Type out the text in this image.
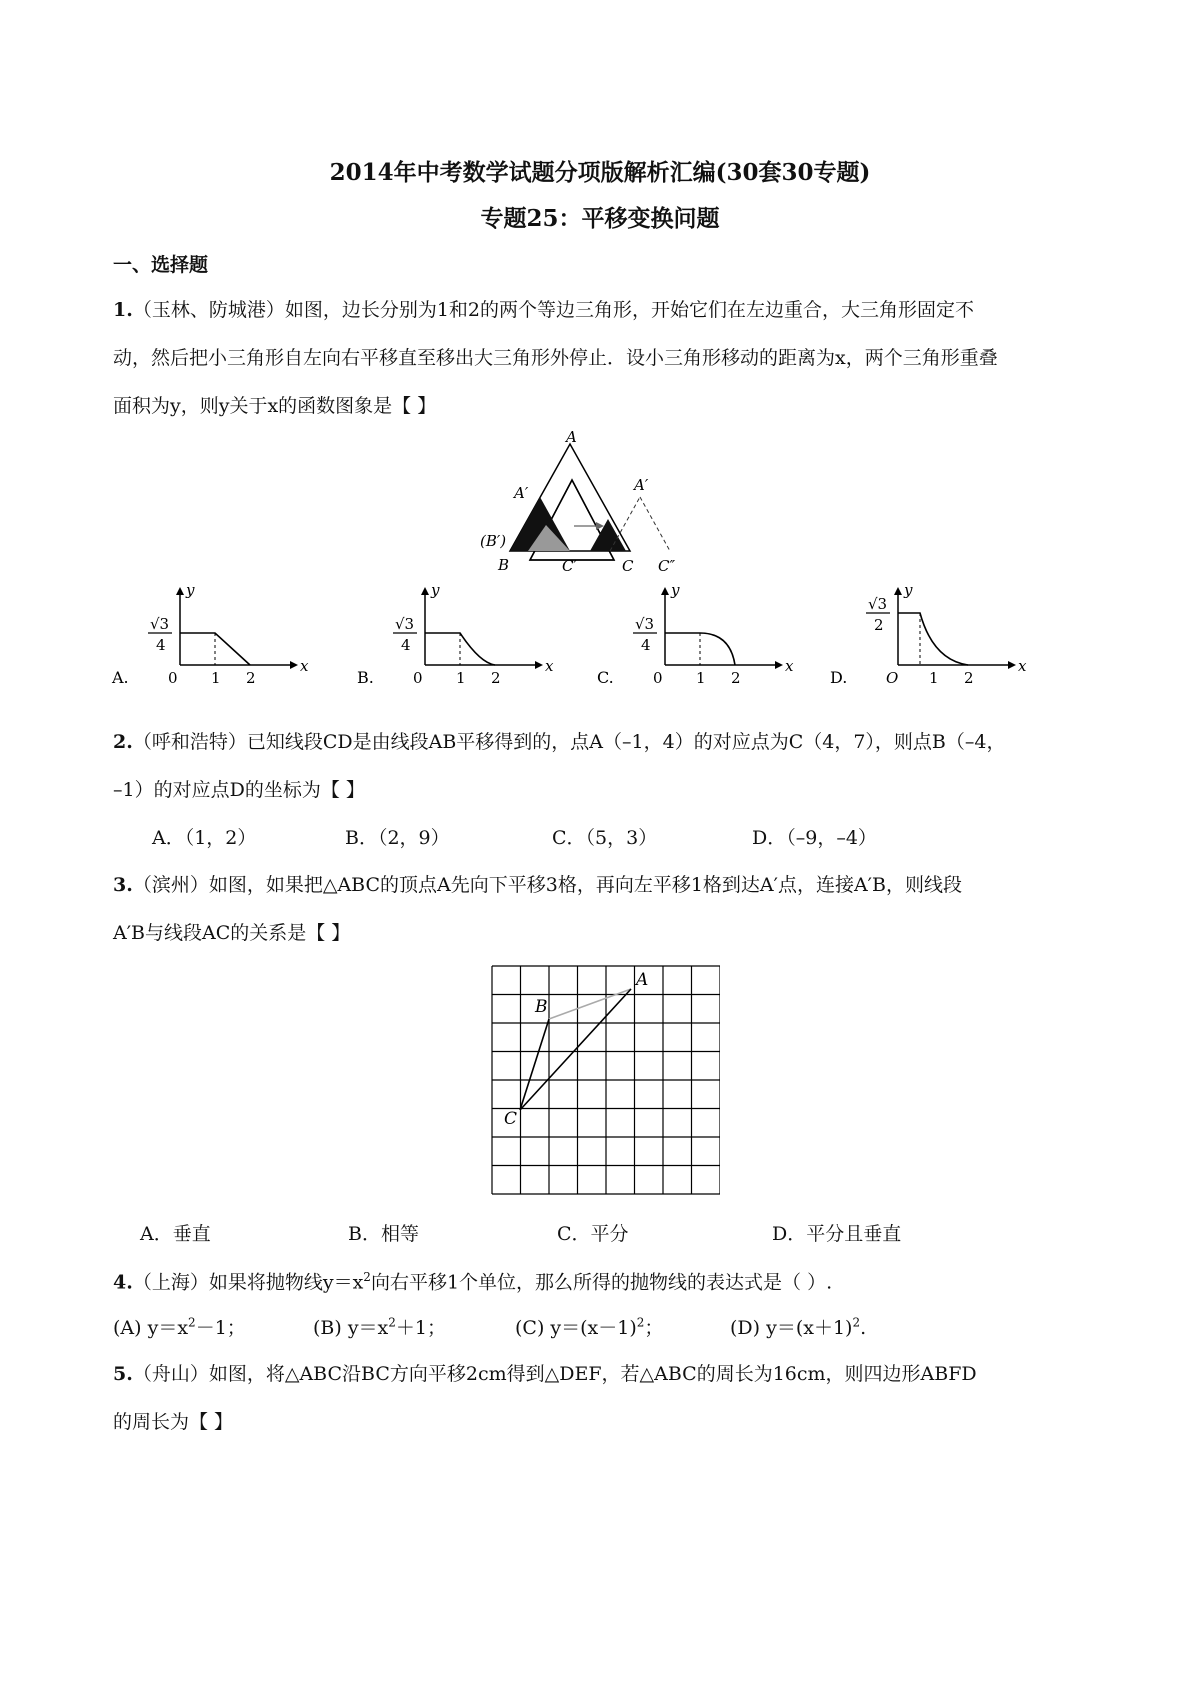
2014年中考数学试题分项版解析汇编(30套30专题)
专题25：平移变换问题
一、选择题
1.（玉林、防城港）如图，边长分别为1和2的两个等边三角形，开始它们在左边重合，大三角形固定不
动，然后把小三角形自左向右平移直至移出大三角形外停止．设小三角形移动的距离为x，两个三角形重叠
面积为y，则y关于x的函数图象是【 】
A
A′	A′
(B′)
B	C′	C C″
√3
4
y
x
0 1 2
A.
√3
4
y
x
0 1 2
B.
√3
4
y
x
0 1 2
C.
√3
2
y
x
O 1 2
D.
2.（呼和浩特）已知线段CD是由线段AB平移得到的，点A（–1，4）的对应点为C（4，7），则点B（–4，
–1）的对应点D的坐标为【 】
A．（1，2）	B．（2，9）	C．（5，3）	D．（–9，–4）
3.（滨州）如图，如果把△ABC的顶点A先向下平移3格，再向左平移1格到达A′点，连接A′B，则线段
A′B与线段AC的关系是【 】
A
B
C
A．垂直	B．相等	C．平分	D．平分且垂直
4.（上海）如果将抛物线$y=x^2$向右平移1个单位，那么所得的抛物线的表达式是（ ）.
(A) $y=x^2-1$；	(B) $y=x^2+1$；	(C) $y=(x-1)^2$；	(D) $y=(x+1)^2$.
5.（舟山）如图，将△ABC沿BC方向平移2cm得到△DEF，若△ABC的周长为16cm，则四边形ABFD
的周长为【 】
